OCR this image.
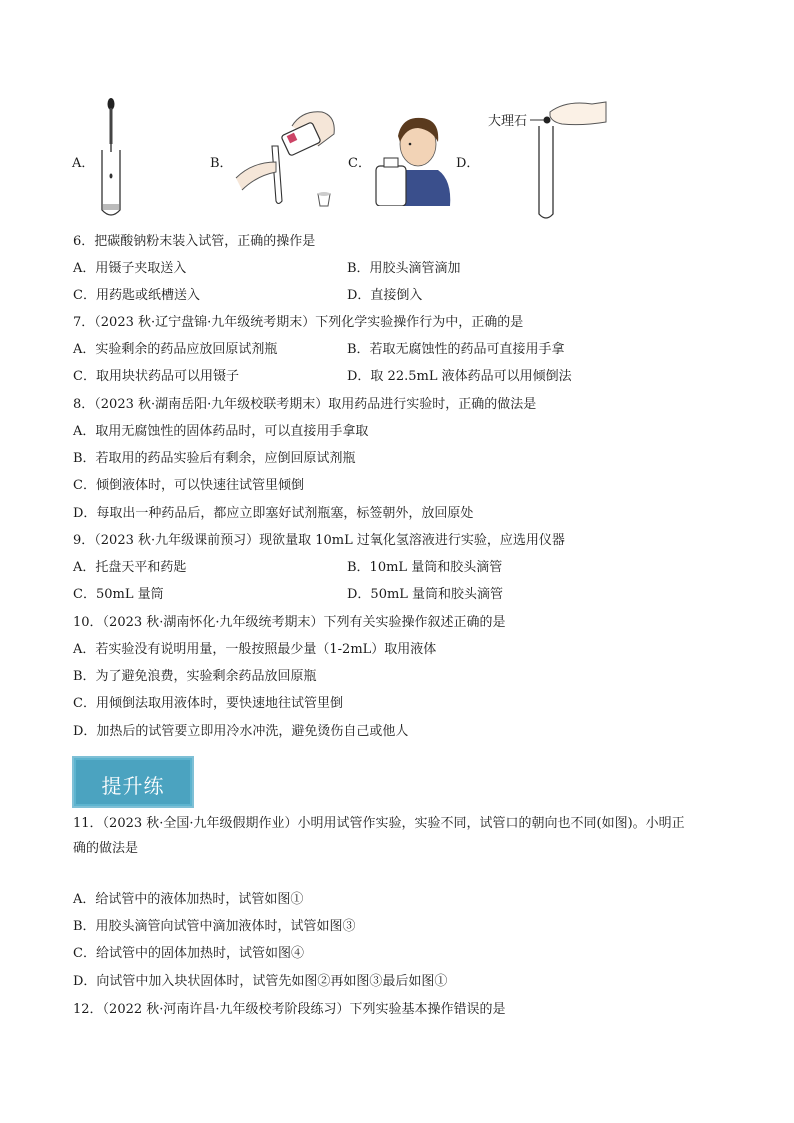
A．	B．	C．	D．
大理石
6．把碳酸钠粉末装入试管，正确的操作是
A．用镊子夹取送入	B．用胶头滴管滴加
C．用药匙或纸槽送入	D．直接倒入
7．（2023 秋·辽宁盘锦·九年级统考期末）下列化学实验操作行为中，正确的是
A．实验剩余的药品应放回原试剂瓶	B．若取无腐蚀性的药品可直接用手拿
C．取用块状药品可以用镊子	D．取 22.5mL 液体药品可以用倾倒法
8．（2023 秋·湖南岳阳·九年级校联考期末）取用药品进行实验时，正确的做法是
A．取用无腐蚀性的固体药品时，可以直接用手拿取
B．若取用的药品实验后有剩余，应倒回原试剂瓶
C．倾倒液体时，可以快速往试管里倾倒
D．每取出一种药品后，都应立即塞好试剂瓶塞，标签朝外，放回原处
9．（2023 秋·九年级课前预习）现欲量取 10mL 过氧化氢溶液进行实验，应选用仪器
A．托盘天平和药匙	B．10mL 量筒和胶头滴管
C．50mL 量筒	D．50mL 量筒和胶头滴管
10．（2023 秋·湖南怀化·九年级统考期末）下列有关实验操作叙述正确的是
A．若实验没有说明用量，一般按照最少量（1-2mL）取用液体
B．为了避免浪费，实验剩余药品放回原瓶
C．用倾倒法取用液体时，要快速地往试管里倒
D．加热后的试管要立即用冷水冲洗，避免烫伤自己或他人
提升练
11．（2023 秋·全国·九年级假期作业）小明用试管作实验，实验不同，试管口的朝向也不同(如图)。小明正
确的做法是
A．给试管中的液体加热时，试管如图①
B．用胶头滴管向试管中滴加液体时，试管如图③
C．给试管中的固体加热时，试管如图④
D．向试管中加入块状固体时，试管先如图②再如图③最后如图①
12．（2022 秋·河南许昌·九年级校考阶段练习）下列实验基本操作错误的是
